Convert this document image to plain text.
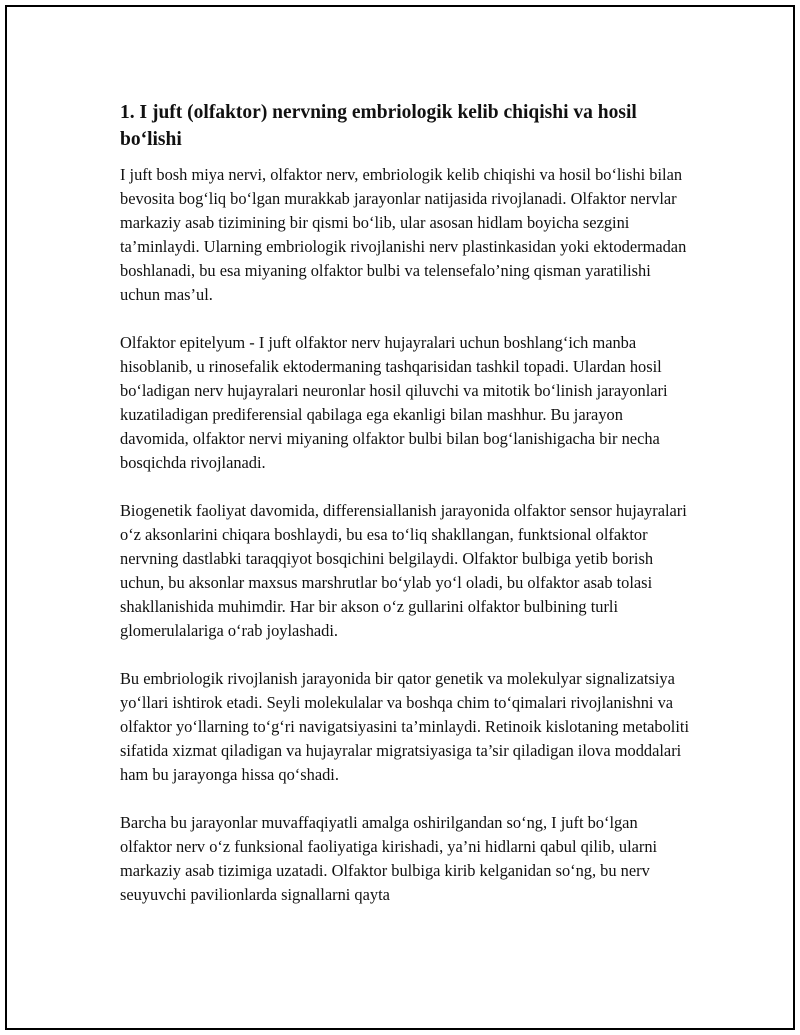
1. I juft (olfaktor) nervning embriologik kelib chiqishi va hosil bo‘lishi

I juft bosh miya nervi, olfaktor nerv, embriologik kelib chiqishi va hosil bo‘lishi bilan bevosita bog‘liq bo‘lgan murakkab jarayonlar natijasida rivojlanadi. Olfaktor nervlar markaziy asab tizimining bir qismi bo‘lib, ular asosan hidlam boyicha sezgini ta’minlaydi. Ularning embriologik rivojlanishi nerv plastinkasidan yoki ektodermadan boshlanadi, bu esa miyaning olfaktor bulbi va telensefalo’ning qisman yaratilishi uchun mas’ul.

Olfaktor epitelyum - I juft olfaktor nerv hujayralari uchun boshlang‘ich manba hisoblanib, u rinosefalik ektodermaning tashqarisidan tashkil topadi. Ulardan hosil bo‘ladigan nerv hujayralari neuronlar hosil qiluvchi va mitotik bo‘linish jarayonlari kuzatiladigan prediferensial qabilaga ega ekanligi bilan mashhur. Bu jarayon davomida, olfaktor nervi miyaning olfaktor bulbi bilan bog‘lanishigacha bir necha bosqichda rivojlanadi.

Biogenetik faoliyat davomida, differensiallanish jarayonida olfaktor sensor hujayralari o‘z aksonlarini chiqara boshlaydi, bu esa to‘liq shakllangan, funktsional olfaktor nervning dastlabki taraqqiyot bosqichini belgilaydi. Olfaktor bulbiga yetib borish uchun, bu aksonlar maxsus marshrutlar bo‘ylab yo‘l oladi, bu olfaktor asab tolasi shakllanishida muhimdir. Har bir akson o‘z gullarini olfaktor bulbining turli glomerulalariga o‘rab joylashadi.

Bu embriologik rivojlanish jarayonida bir qator genetik va molekulyar signalizatsiya yo‘llari ishtirok etadi. Seyli molekulalar va boshqa chim to‘qimalari rivojlanishni va olfaktor yo‘llarning to‘g‘ri navigatsiyasini ta’minlaydi. Retinoik kislotaning metaboliti sifatida xizmat qiladigan va hujayralar migratsiyasiga ta’sir qiladigan ilova moddalari ham bu jarayonga hissa qo‘shadi.

Barcha bu jarayonlar muvaffaqiyatli amalga oshirilgandan so‘ng, I juft bo‘lgan olfaktor nerv o‘z funksional faoliyatiga kirishadi, ya’ni hidlarni qabul qilib, ularni markaziy asab tizimiga uzatadi. Olfaktor bulbiga kirib kelganidan so‘ng, bu nerv seuyuvchi pavilionlarda signallarni qayta
